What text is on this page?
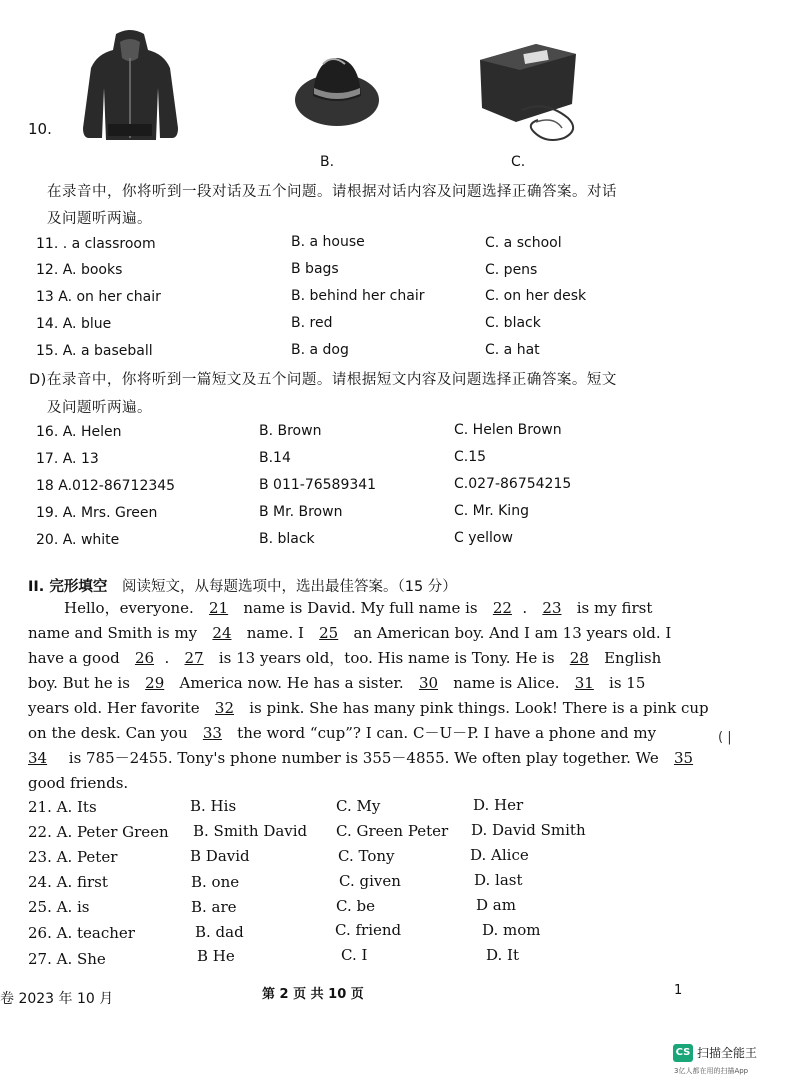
10.
B.	C.
在录音中，你将听到一段对话及五个问题。请根据对话内容及问题选择正确答案。对话
及问题听两遍。
11. . a classroom	B. a house	C. a school
12. A. books	B bags	C. pens
13 A. on her chair	B. behind her chair	C. on her desk
14. A. blue	B. red	C. black
15. A. a baseball	B. a dog	C. a hat
D)在录音中，你将听到一篇短文及五个问题。请根据短文内容及问题选择正确答案。短文
及问题听两遍。
16. A. Helen	B. Brown	C. Helen Brown
17. A. 13	B.14	C.15
18 A.012-86712345	B 011-76589341	C.027-86754215
19. A. Mrs. Green	B Mr. Brown	C. Mr. King
20. A. white	B. black	C yellow
II. 完形填空 阅读短文，从每题选项中，选出最佳答案。（15 分）
Hello，everyone. 21 name is David. My full name is 22 . 23 is my first
name and Smith is my 24 name. I 25 an American boy. And I am 13 years old. I
have a good 26 . 27 is 13 years old，too. His name is Tony. He is 28 English
boy. But he is 29 America now. He has a sister. 30 name is Alice. 31 is 15
years old. Her favorite 32 is pink. She has many pink things. Look! There is a pink cup
on the desk. Can you 33 the word “cup”? I can. C－U－P. I have a phone and my
34 is 785－2455. Tony's phone number is 355－4855. We often play together. We 35
good friends.
( |
21. A. Its	B. His	C. My	D. Her
22. A. Peter Green B. Smith David C. Green Peter D. David Smith
23. A. Peter	B David	C. Tony	D. Alice
24. A. first	B. one	C. given	D. last
25. A. is	B. are	C. be	D am
26. A. teacher	B. dad	C. friend	D. mom
27. A. She	B He	C. I	D. It
卷 2023 年 10 月	第 2 页 共 10 页	1
CS 扫描全能王
3亿人都在用的扫描App
